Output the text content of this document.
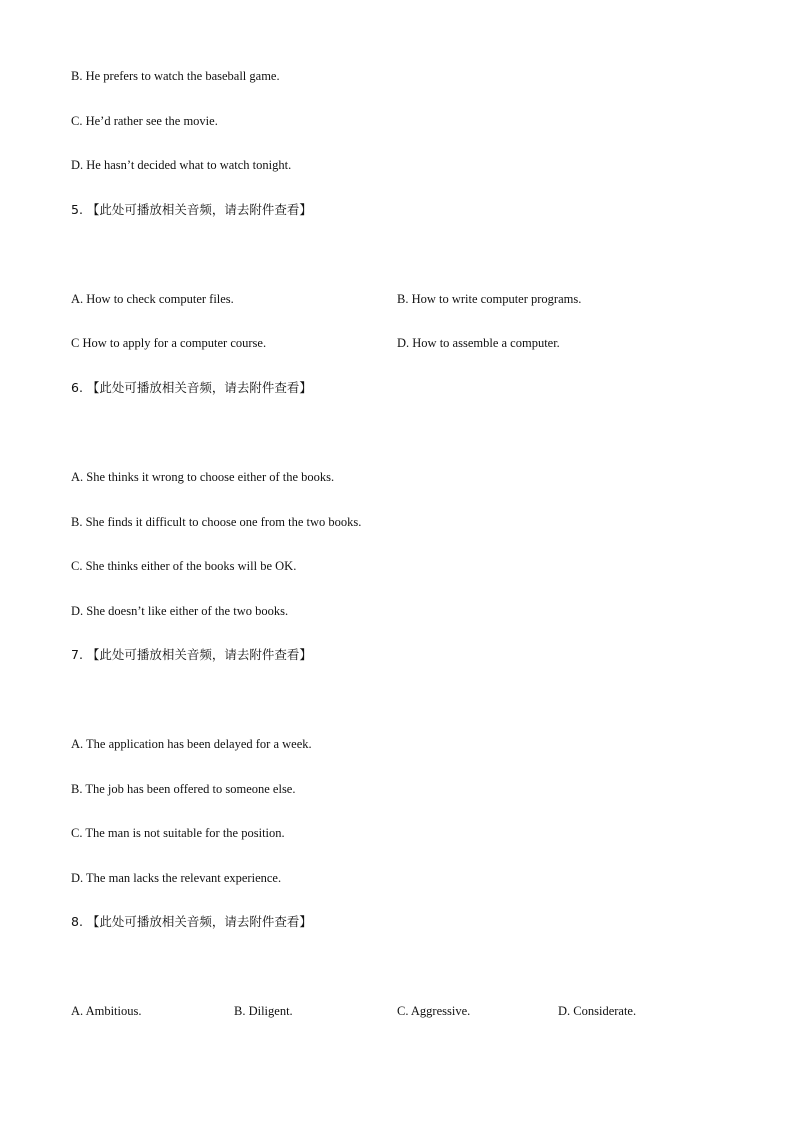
B. He prefers to watch the baseball game.
C. He’d rather see the movie.
D. He hasn’t decided what to watch tonight.
5. 【此处可播放相关音频，请去附件查看】
A. How to check computer files.	B. How to write computer programs.
C How to apply for a computer course.	D. How to assemble a computer.
6. 【此处可播放相关音频，请去附件查看】
A. She thinks it wrong to choose either of the books.
B. She finds it difficult to choose one from the two books.
C. She thinks either of the books will be OK.
D. She doesn’t like either of the two books.
7. 【此处可播放相关音频，请去附件查看】
A. The application has been delayed for a week.
B. The job has been offered to someone else.
C. The man is not suitable for the position.
D. The man lacks the relevant experience.
8. 【此处可播放相关音频，请去附件查看】
A. Ambitious.	B. Diligent.	C. Aggressive.	D. Considerate.
